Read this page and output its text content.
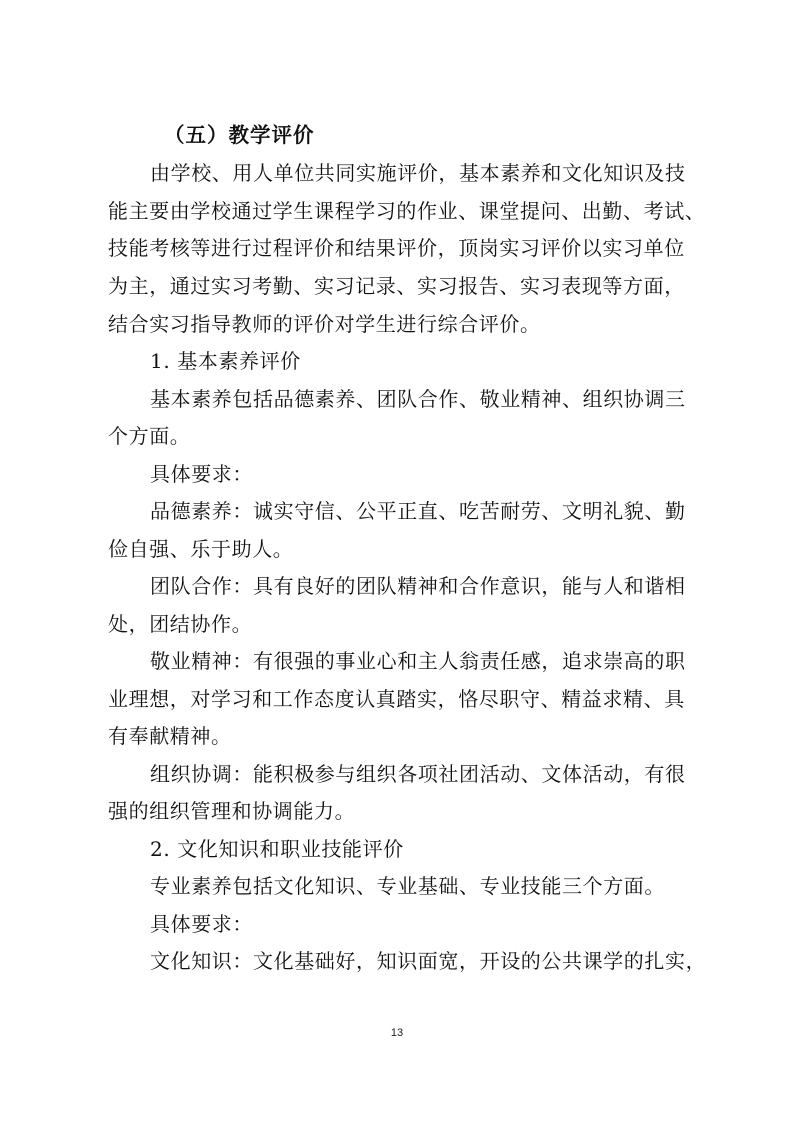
（五）教学评价
由学校、用人单位共同实施评价，基本素养和文化知识及技
能主要由学校通过学生课程学习的作业、课堂提问、出勤、考试、
技能考核等进行过程评价和结果评价，顶岗实习评价以实习单位
为主，通过实习考勤、实习记录、实习报告、实习表现等方面，
结合实习指导教师的评价对学生进行综合评价。
1. 基本素养评价
基本素养包括品德素养、团队合作、敬业精神、组织协调三
个方面。
具体要求：
品德素养：诚实守信、公平正直、吃苦耐劳、文明礼貌、勤
俭自强、乐于助人。
团队合作：具有良好的团队精神和合作意识，能与人和谐相
处，团结协作。
敬业精神：有很强的事业心和主人翁责任感，追求崇高的职
业理想，对学习和工作态度认真踏实，恪尽职守、精益求精、具
有奉献精神。
组织协调：能积极参与组织各项社团活动、文体活动，有很
强的组织管理和协调能力。
2. 文化知识和职业技能评价
专业素养包括文化知识、专业基础、专业技能三个方面。
具体要求：
文化知识：文化基础好，知识面宽，开设的公共课学的扎实，
13
